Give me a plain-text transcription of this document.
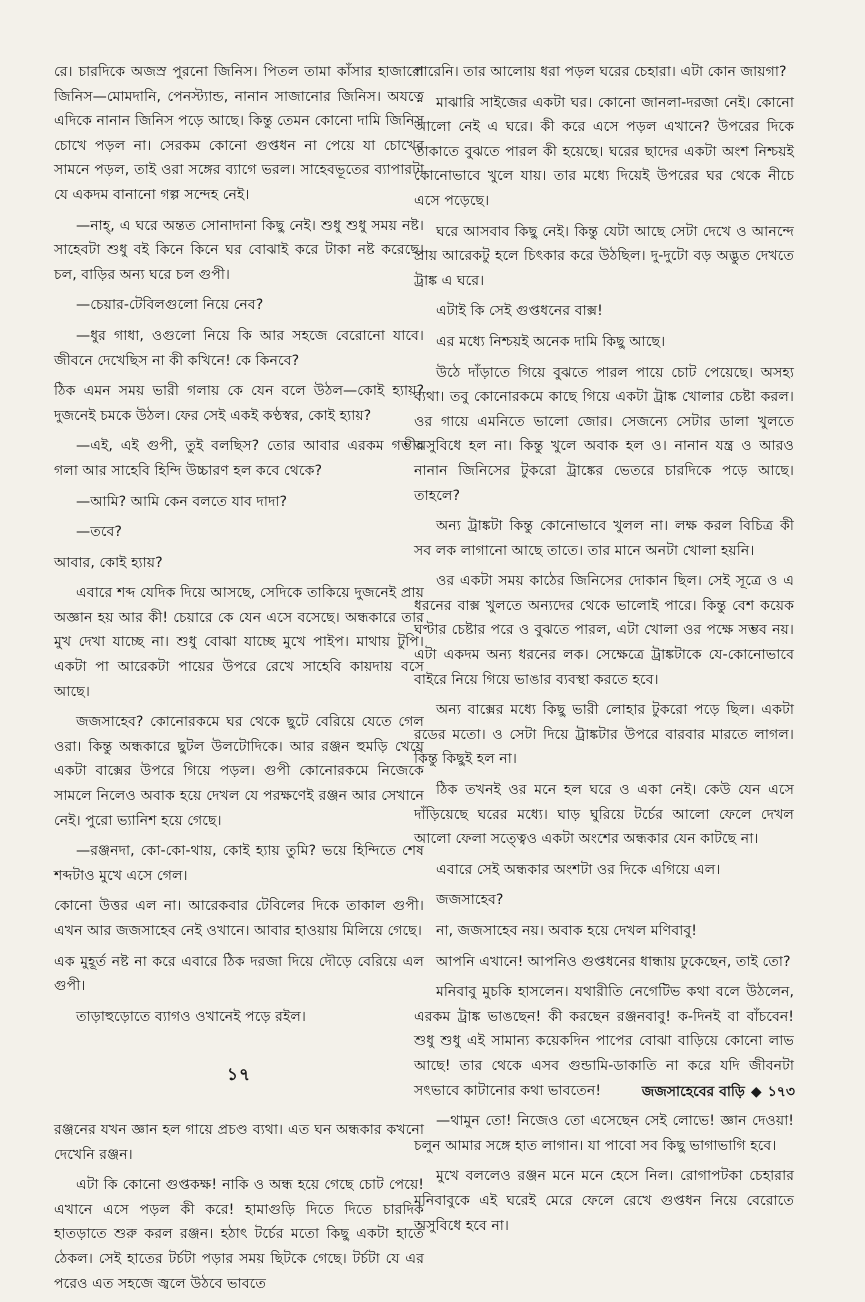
রে। চারদিকে অজস্র পুরনো জিনিস। পিতল তামা কাঁসার হাজারো জিনিস—মোমদানি, পেনস্ট্যান্ড, নানান সাজানোর জিনিস। অযত্নে এদিকে নানান জিনিস পড়ে আছে। কিন্তু তেমন কোনো দামি জিনিস চোখে পড়ল না। সেরকম কোনো গুপ্তধন না পেয়ে যা চোখের সামনে পড়ল, তাই ওরা সঙ্গের ব্যাগে ভরল। সাহেবভূতের ব্যাপারটা যে একদম বানানো গল্প সন্দেহ নেই।

—নাহ্‌, এ ঘরে অন্তত সোনাদানা কিছু নেই। শুধু শুধু সময় নষ্ট। সাহেবটা শুধু বই কিনে কিনে ঘর বোঝাই করে টাকা নষ্ট করেছে। চল, বাড়ির অন্য ঘরে চল গুপী।

—চেয়ার-টেবিলগুলো নিয়ে নেব?

—ধুর গাধা, ওগুলো নিয়ে কি আর সহজে বেরোনো যাবে। জীবনে দেখেছিস না কী কখিনে! কে কিনবে?

ঠিক এমন সময় ভারী গলায় কে যেন বলে উঠল—কোই হ্যায়? দুজনেই চমকে উঠল। ফের সেই একই কণ্ঠস্বর, কোই হ্যায়?

—এই, এই গুপী, তুই বলছিস? তোর আবার এরকম গম্ভীর গলা আর সাহেবি হিন্দি উচ্চারণ হল কবে থেকে?

—আমি? আমি কেন বলতে যাব দাদা?

—তবে?

আবার, কোই হ্যায়?

এবারে শব্দ যেদিক দিয়ে আসছে, সেদিকে তাকিয়ে দুজনেই প্রায় অজ্ঞান হয় আর কী! চেয়ারে কে যেন এসে বসেছে। অন্ধকারে তার মুখ দেখা যাচ্ছে না। শুধু বোঝা যাচ্ছে মুখে পাইপ। মাথায় টুপি। একটা পা আরেকটা পায়ের উপরে রেখে সাহেবি কায়দায় বসে আছে।

জজসাহেব? কোনোরকমে ঘর থেকে ছুটে বেরিয়ে যেতে গেল ওরা। কিন্তু অন্ধকারে ছুটল উলটোদিকে। আর রঞ্জন হুমড়ি খেয়ে একটা বাক্সের উপরে গিয়ে পড়ল। গুপী কোনোরকমে নিজেকে সামলে নিলেও অবাক হয়ে দেখল যে পরক্ষণেই রঞ্জন আর সেখানে নেই। পুরো ভ্যানিশ হয়ে গেছে।

—রঞ্জনদা, কো-কো-থায়, কোই হ্যায় তুমি? ভয়ে হিন্দিতে শেষ শব্দটাও মুখে এসে গেল।

কোনো উত্তর এল না। আরেকবার টেবিলের দিকে তাকাল গুপী। এখন আর জজসাহেব নেই ওখানে। আবার হাওয়ায় মিলিয়ে গেছে।

এক মুহূর্ত নষ্ট না করে এবারে ঠিক দরজা দিয়ে দৌড়ে বেরিয়ে এল গুপী।

তাড়াহুড়োতে ব্যাগও ওখানেই পড়ে রইল।

১৭

রঞ্জনের যখন জ্ঞান হল গায়ে প্রচণ্ড ব্যথা। এত ঘন অন্ধকার কখনো দেখেনি রঞ্জন।

এটা কি কোনো গুপ্তকক্ষ! নাকি ও অন্ধ হয়ে গেছে চোট পেয়ে! এখানে এসে পড়ল কী করে! হামাগুড়ি দিতে দিতে চারদিক হাতড়াতে শুরু করল রঞ্জন। হঠাৎ টর্চের মতো কিছু একটা হাতে ঠেকল। সেই হাতের টর্চটা পড়ার সময় ছিটকে গেছে। টর্চটা যে এর পরেও এত সহজে জ্বলে উঠবে ভাবতে

পারেনি। তার আলোয় ধরা পড়ল ঘরের চেহারা। এটা কোন জায়গা?

মাঝারি সাইজের একটা ঘর। কোনো জানলা-দরজা নেই। কোনো আলো নেই এ ঘরে। কী করে এসে পড়ল এখানে? উপরের দিকে তাকাতে বুঝতে পারল কী হয়েছে। ঘরের ছাদের একটা অংশ নিশ্চয়ই কোনোভাবে খুলে যায়। তার মধ্যে দিয়েই উপরের ঘর থেকে নীচে এসে পড়েছে।

ঘরে আসবাব কিছু নেই। কিন্তু যেটা আছে সেটা দেখে ও আনন্দে প্রায় আরেকটু হলে চিৎকার করে উঠছিল। দু-দুটো বড় অদ্ভুত দেখতে ট্রাঙ্ক এ ঘরে।

এটাই কি সেই গুপ্তধনের বাক্স!

এর মধ্যে নিশ্চয়ই অনেক দামি কিছু আছে।

উঠে দাঁড়াতে গিয়ে বুঝতে পারল পায়ে চোট পেয়েছে। অসহ্য ব্যথা। তবু কোনোরকমে কাছে গিয়ে একটা ট্রাঙ্ক খোলার চেষ্টা করল। ওর গায়ে এমনিতে ভালো জোর। সেজন্যে সেটার ডালা খুলতে অসুবিধে হল না। কিন্তু খুলে অবাক হল ও। নানান যন্ত্র ও আরও নানান জিনিসের টুকরো ট্রাঙ্কের ভেতরে চারদিকে পড়ে আছে। তাহলে?

অন্য ট্রাঙ্কটা কিন্তু কোনোভাবে খুলল না। লক্ষ করল বিচিত্র কী সব লক লাগানো আছে তাতে। তার মানে অনটা খোলা হয়নি।

ওর একটা সময় কাঠের জিনিসের দোকান ছিল। সেই সূত্রে ও এ ধরনের বাক্স খুলতে অন্যদের থেকে ভালোই পারে। কিন্তু বেশ কয়েক ঘণ্টার চেষ্টার পরে ও বুঝতে পারল, এটা খোলা ওর পক্ষে সম্ভব নয়। এটা একদম অন্য ধরনের লক। সেক্ষেত্রে ট্রাঙ্কটাকে যে-কোনোভাবে বাইরে নিয়ে গিয়ে ভাঙার ব্যবস্থা করতে হবে।

অন্য বাক্সের মধ্যে কিছু ভারী লোহার টুকরো পড়ে ছিল। একটা রডের মতো। ও সেটা দিয়ে ট্রাঙ্কটার উপরে বারবার মারতে লাগল। কিন্তু কিছুই হল না।

ঠিক তখনই ওর মনে হল ঘরে ও একা নেই। কেউ যেন এসে দাঁড়িয়েছে ঘরের মধ্যে। ঘাড় ঘুরিয়ে টর্চের আলো ফেলে দেখল আলো ফেলা সত্ত্বেও একটা অংশের অন্ধকার যেন কাটছে না।

এবারে সেই অন্ধকার অংশটা ওর দিকে এগিয়ে এল।

জজসাহেব?

না, জজসাহেব নয়। অবাক হয়ে দেখল মণিবাবু!

আপনি এখানে! আপনিও গুপ্তধনের ধান্ধায় ঢুকেছেন, তাই তো?

মনিবাবু মুচকি হাসলেন। যথারীতি নেগেটিভ কথা বলে উঠলেন, এরকম ট্রাঙ্ক ভাঙছেন! কী করছেন রঞ্জনবাবু! ক-দিনই বা বাঁচবেন! শুধু শুধু এই সামান্য কয়েকদিন পাপের বোঝা বাড়িয়ে কোনো লাভ আছে! তার থেকে এসব গুন্ডামি-ডাকাতি না করে যদি জীবনটা সৎভাবে কাটানোর কথা ভাবতেন!

—থামুন তো! নিজেও তো এসেছেন সেই লোভে! জ্ঞান দেওয়া! চলুন আমার সঙ্গে হাত লাগান। যা পাবো সব কিছু ভাগাভাগি হবে।

মুখে বললেও রঞ্জন মনে মনে হেসে নিল। রোগাপটকা চেহারার মনিবাবুকে এই ঘরেই মেরে ফেলে রেখে গুপ্তধন নিয়ে বেরোতে অসুবিধে হবে না।

জজসাহেবের বাড়ি ◆ ১৭৩
